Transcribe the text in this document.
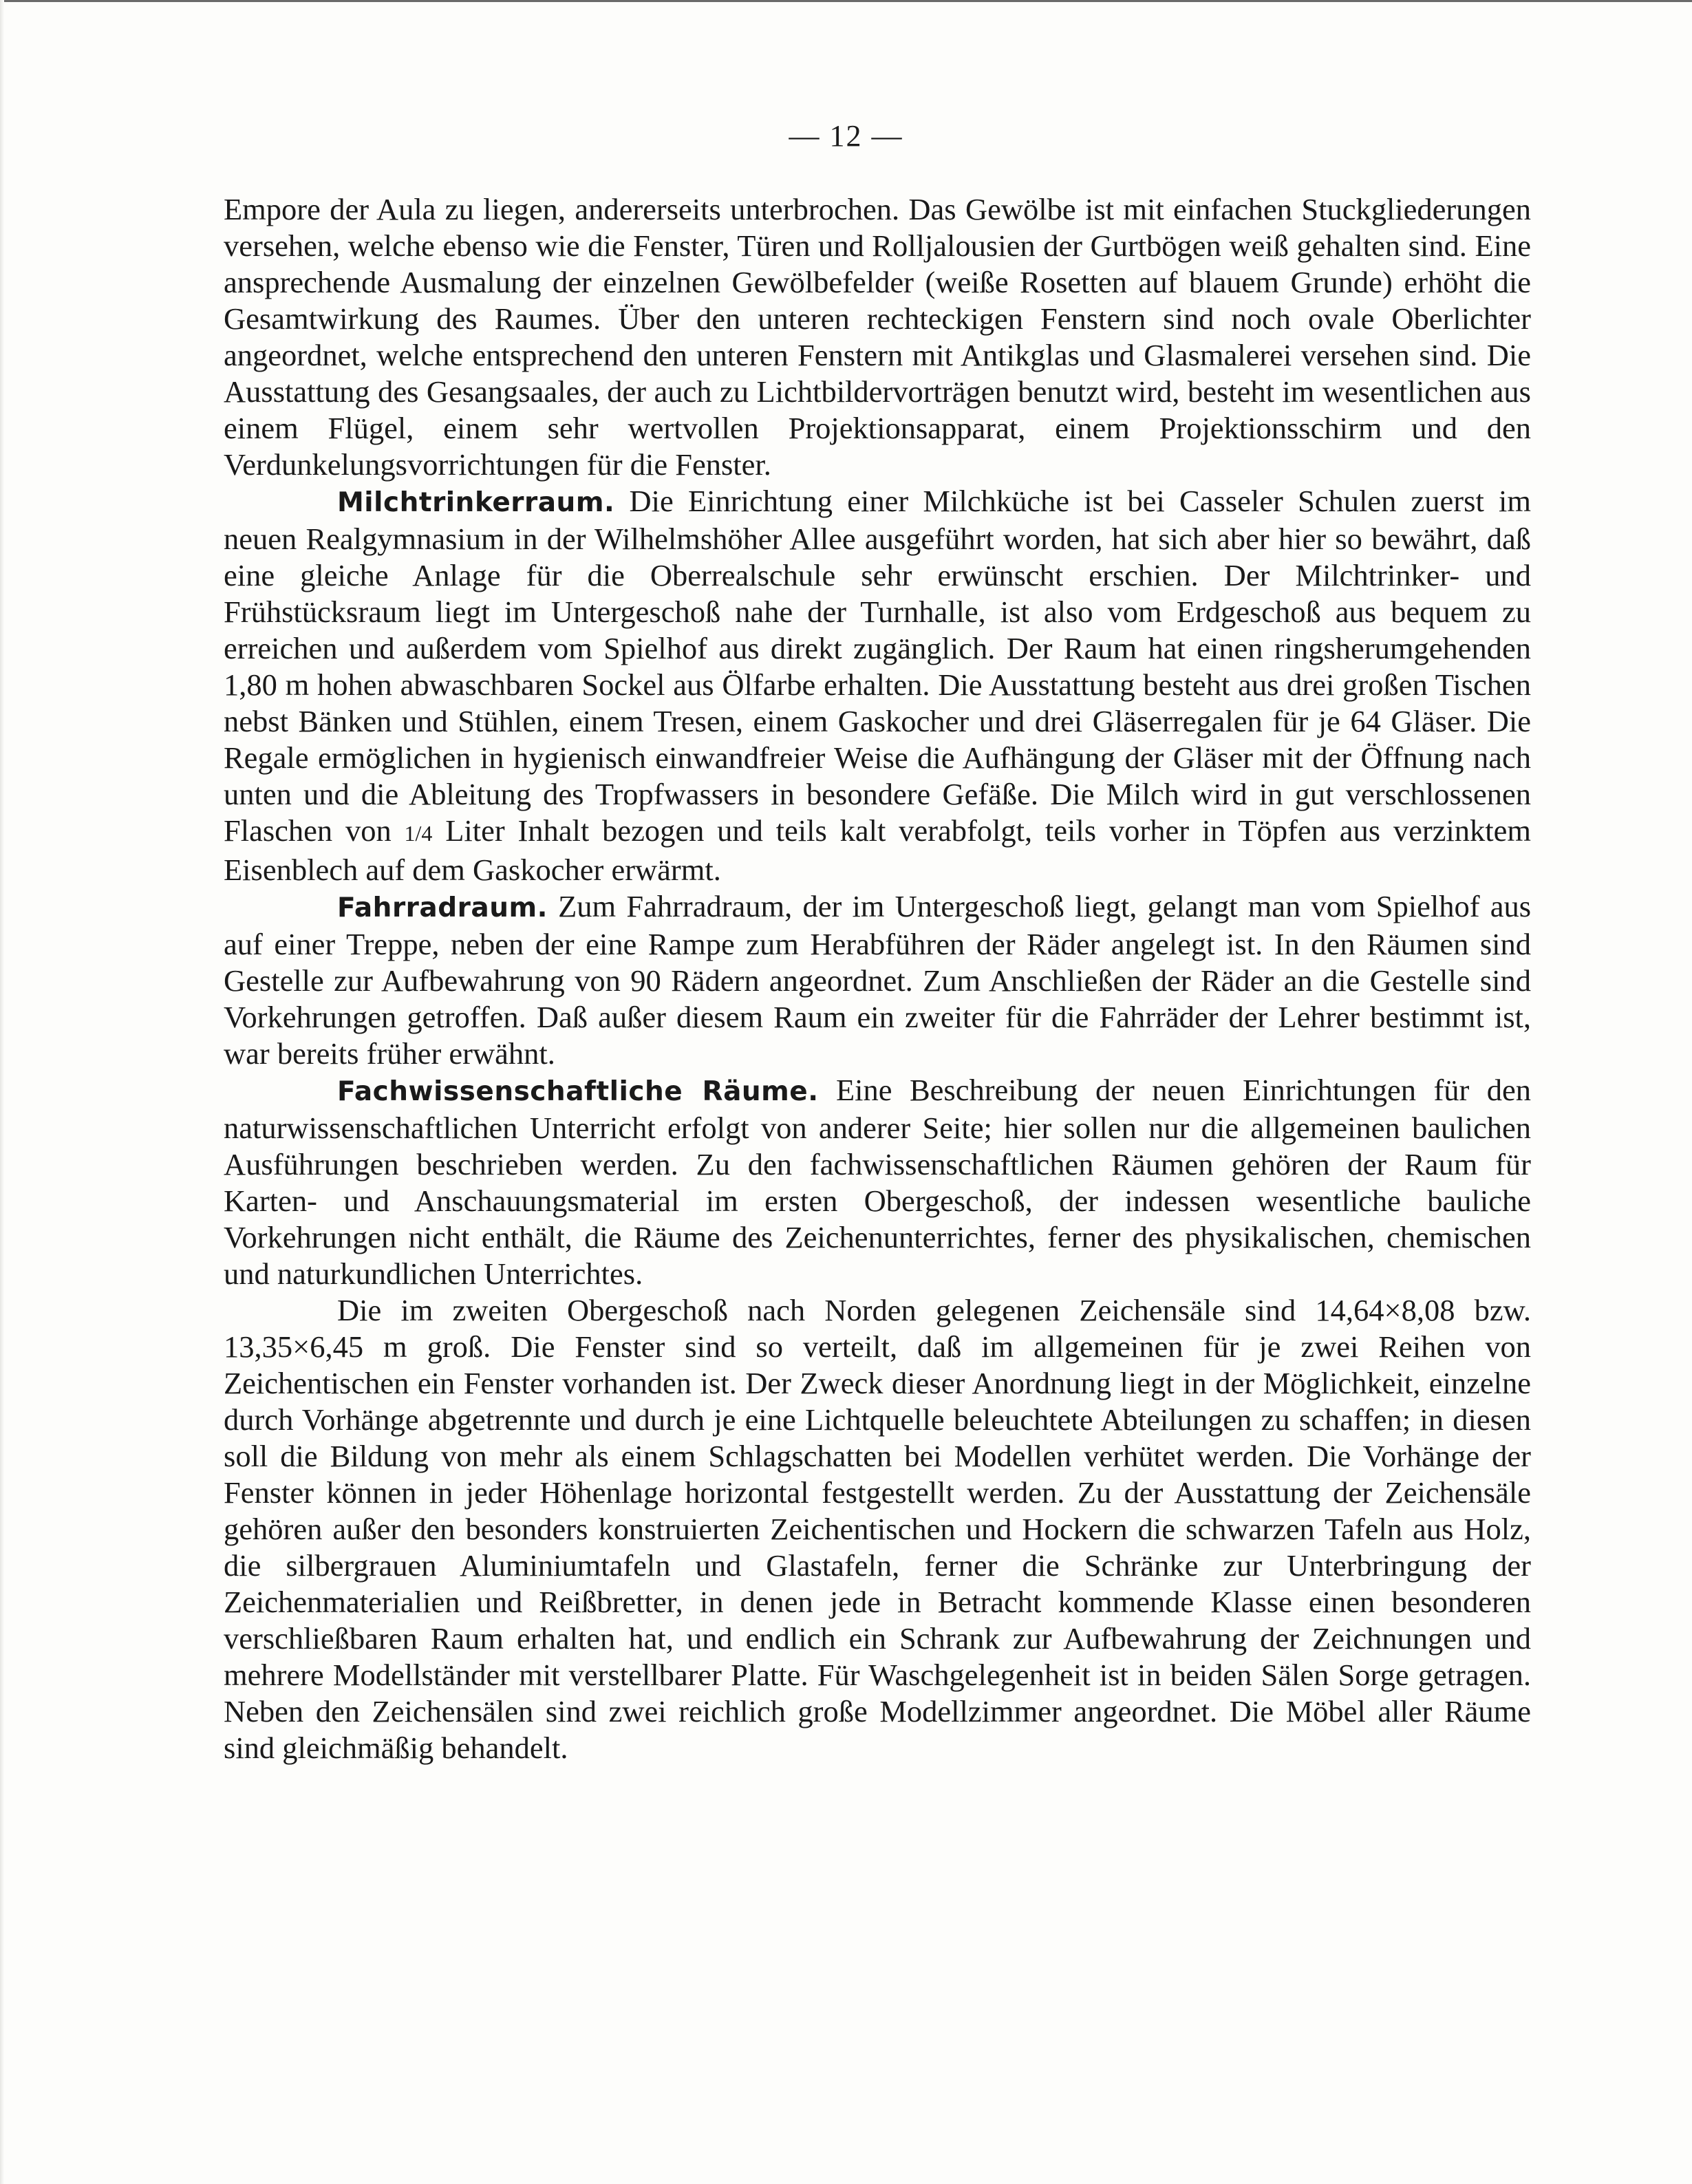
— 12 —

Empore der Aula zu liegen, andererseits unterbrochen. Das Gewölbe ist mit einfachen Stuckgliederungen versehen, welche ebenso wie die Fenster, Türen und Rolljalousien der Gurtbögen weiß gehalten sind. Eine ansprechende Ausmalung der einzelnen Gewölbefelder (weiße Rosetten auf blauem Grunde) erhöht die Gesamtwirkung des Raumes. Über den unteren rechteckigen Fenstern sind noch ovale Oberlichter angeordnet, welche entsprechend den unteren Fenstern mit Antikglas und Glasmalerei versehen sind. Die Ausstattung des Gesangsaales, der auch zu Lichtbildervorträgen benutzt wird, besteht im wesentlichen aus einem Flügel, einem sehr wertvollen Projektionsapparat, einem Projektionsschirm und den Verdunkelungsvorrichtungen für die Fenster.

Milchtrinkerraum. Die Einrichtung einer Milchküche ist bei Casseler Schulen zuerst im neuen Realgymnasium in der Wilhelmshöher Allee ausgeführt worden, hat sich aber hier so bewährt, daß eine gleiche Anlage für die Oberrealschule sehr erwünscht erschien. Der Milchtrinker- und Frühstücksraum liegt im Untergeschoß nahe der Turnhalle, ist also vom Erdgeschoß aus bequem zu erreichen und außerdem vom Spielhof aus direkt zugänglich. Der Raum hat einen ringsherumgehenden 1,80 m hohen abwaschbaren Sockel aus Ölfarbe erhalten. Die Ausstattung besteht aus drei großen Tischen nebst Bänken und Stühlen, einem Tresen, einem Gaskocher und drei Gläserregalen für je 64 Gläser. Die Regale ermöglichen in hygienisch einwandfreier Weise die Aufhängung der Gläser mit der Öffnung nach unten und die Ableitung des Tropfwassers in besondere Gefäße. Die Milch wird in gut verschlossenen Flaschen von 1/4 Liter Inhalt bezogen und teils kalt verabfolgt, teils vorher in Töpfen aus verzinktem Eisenblech auf dem Gaskocher erwärmt.

Fahrradraum. Zum Fahrradraum, der im Untergeschoß liegt, gelangt man vom Spielhof aus auf einer Treppe, neben der eine Rampe zum Herabführen der Räder angelegt ist. In den Räumen sind Gestelle zur Aufbewahrung von 90 Rädern angeordnet. Zum Anschließen der Räder an die Gestelle sind Vorkehrungen getroffen. Daß außer diesem Raum ein zweiter für die Fahrräder der Lehrer bestimmt ist, war bereits früher erwähnt.

Fachwissenschaftliche Räume. Eine Beschreibung der neuen Einrichtungen für den naturwissenschaftlichen Unterricht erfolgt von anderer Seite; hier sollen nur die allgemeinen baulichen Ausführungen beschrieben werden. Zu den fachwissenschaftlichen Räumen gehören der Raum für Karten- und Anschauungsmaterial im ersten Obergeschoß, der indessen wesentliche bauliche Vorkehrungen nicht enthält, die Räume des Zeichenunterrichtes, ferner des physikalischen, chemischen und naturkundlichen Unterrichtes.

Die im zweiten Obergeschoß nach Norden gelegenen Zeichensäle sind 14,64×8,08 bzw. 13,35×6,45 m groß. Die Fenster sind so verteilt, daß im allgemeinen für je zwei Reihen von Zeichentischen ein Fenster vorhanden ist. Der Zweck dieser Anordnung liegt in der Möglichkeit, einzelne durch Vorhänge abgetrennte und durch je eine Lichtquelle beleuchtete Abteilungen zu schaffen; in diesen soll die Bildung von mehr als einem Schlagschatten bei Modellen verhütet werden. Die Vorhänge der Fenster können in jeder Höhenlage horizontal festgestellt werden. Zu der Ausstattung der Zeichensäle gehören außer den besonders konstruierten Zeichentischen und Hockern die schwarzen Tafeln aus Holz, die silbergrauen Aluminiumtafeln und Glastafeln, ferner die Schränke zur Unterbringung der Zeichenmaterialien und Reißbretter, in denen jede in Betracht kommende Klasse einen besonderen verschließbaren Raum erhalten hat, und endlich ein Schrank zur Aufbewahrung der Zeichnungen und mehrere Modellständer mit verstellbarer Platte. Für Waschgelegenheit ist in beiden Sälen Sorge getragen. Neben den Zeichensälen sind zwei reichlich große Modellzimmer angeordnet. Die Möbel aller Räume sind gleichmäßig behandelt.
